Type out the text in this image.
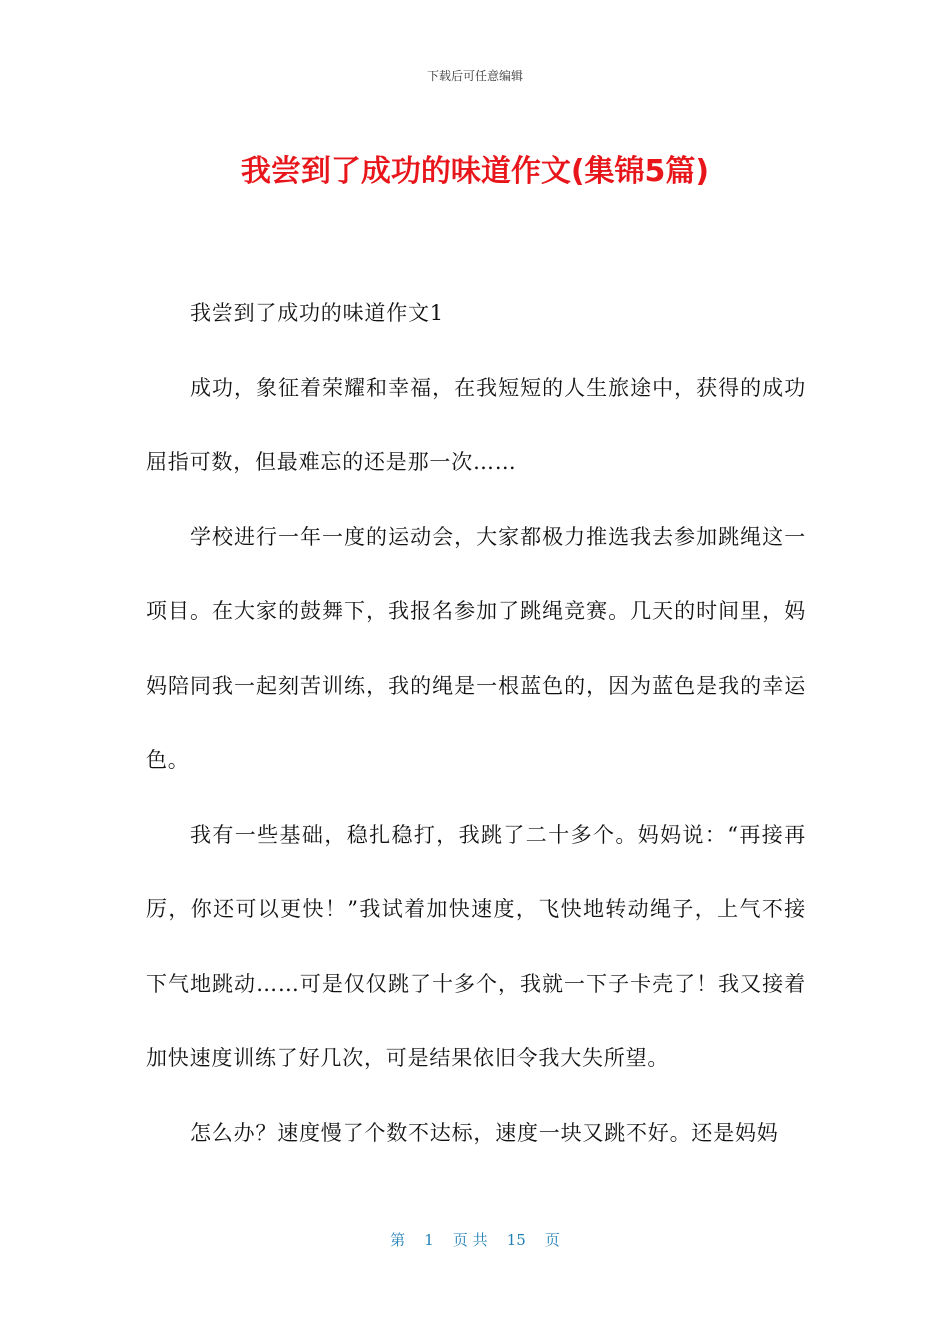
下载后可任意编辑
我尝到了成功的味道作文(集锦5篇)

我尝到了成功的味道作文1

成功，象征着荣耀和幸福，在我短短的人生旅途中，获得的成功屈指可数，但最难忘的还是那一次……

学校进行一年一度的运动会，大家都极力推选我去参加跳绳这一项目。在大家的鼓舞下，我报名参加了跳绳竞赛。几天的时间里，妈妈陪同我一起刻苦训练，我的绳是一根蓝色的，因为蓝色是我的幸运色。

我有一些基础，稳扎稳打，我跳了二十多个。妈妈说：“再接再厉，你还可以更快！”我试着加快速度，飞快地转动绳子，上气不接下气地跳动……可是仅仅跳了十多个，我就一下子卡壳了！我又接着加快速度训练了好几次，可是结果依旧令我大失所望。

怎么办？速度慢了个数不达标，速度一块又跳不好。还是妈妈

第 1 页 共 15 页
